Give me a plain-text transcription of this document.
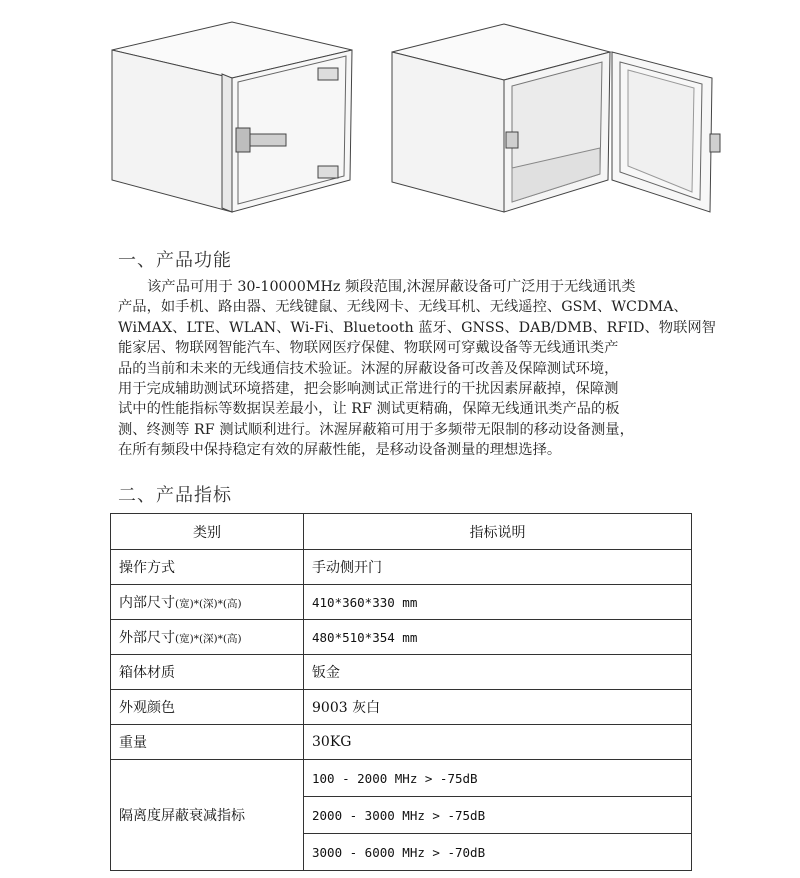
一、产品功能
该产品可用于 30-10000MHz 频段范围,沐渥屏蔽设备可广泛用于无线通讯类
产品，如手机、路由器、无线键鼠、无线网卡、无线耳机、无线遥控、GSM、WCDMA、
WiMAX、LTE、WLAN、Wi-Fi、Bluetooth 蓝牙、GNSS、DAB/DMB、RFID、物联网智
能家居、物联网智能汽车、物联网医疗保健、物联网可穿戴设备等无线通讯类产
品的当前和未来的无线通信技术验证。沐渥的屏蔽设备可改善及保障测试环境，
用于完成辅助测试环境搭建，把会影响测试正常进行的干扰因素屏蔽掉，保障测
试中的性能指标等数据误差最小，让 RF 测试更精确，保障无线通讯类产品的板
测、终测等 RF 测试顺利进行。沐渥屏蔽箱可用于多频带无限制的移动设备测量，
在所有频段中保持稳定有效的屏蔽性能，是移动设备测量的理想选择。
二、产品指标
类别	指标说明
操作方式	手动侧开门
内部尺寸(宽)*(深)*(高)	410*360*330 mm
外部尺寸(宽)*(深)*(高)	480*510*354 mm
箱体材质	钣金
外观颜色	9003 灰白
重量	30KG
隔离度屏蔽衰减指标	100 - 2000 MHz > -75dB
	2000 - 3000 MHz > -75dB
	3000 - 6000 MHz > -70dB
